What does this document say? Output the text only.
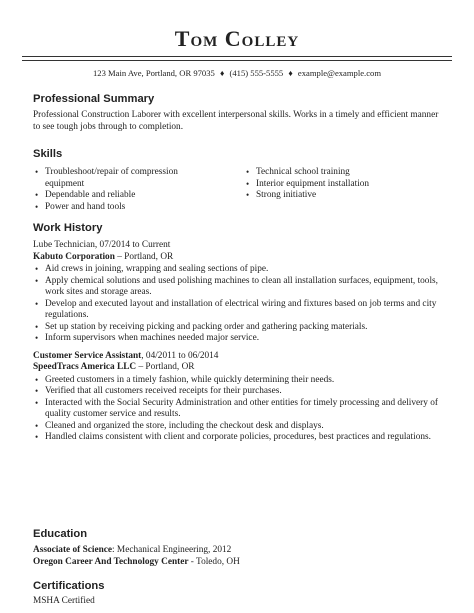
Tom Colley
123 Main Ave, Portland, OR 97035 ♦ (415) 555-5555 ♦ example@example.com
Professional Summary
Professional Construction Laborer with excellent interpersonal skills. Works in a timely and efficient manner to see tough jobs through to completion.
Skills
• Troubleshoot/repair of compression equipment
• Dependable and reliable
• Power and hand tools
• Technical school training
• Interior equipment installation
• Strong initiative
Work History
Lube Technician, 07/2014 to Current
Kabuto Corporation – Portland, OR
• Aid crews in joining, wrapping and sealing sections of pipe.
• Apply chemical solutions and used polishing machines to clean all installation surfaces, equipment, tools, work sites and storage areas.
• Develop and executed layout and installation of electrical wiring and fixtures based on job terms and city regulations.
• Set up station by receiving picking and packing order and gathering packing materials.
• Inform supervisors when machines needed major service.
Customer Service Assistant, 04/2011 to 06/2014
SpeedTracs America LLC – Portland, OR
• Greeted customers in a timely fashion, while quickly determining their needs.
• Verified that all customers received receipts for their purchases.
• Interacted with the Social Security Administration and other entities for timely processing and delivery of quality customer service and results.
• Cleaned and organized the store, including the checkout desk and displays.
• Handled claims consistent with client and corporate policies, procedures, best practices and regulations.
Education
Associate of Science: Mechanical Engineering, 2012
Oregon Career And Technology Center - Toledo, OH
Certifications
MSHA Certified
